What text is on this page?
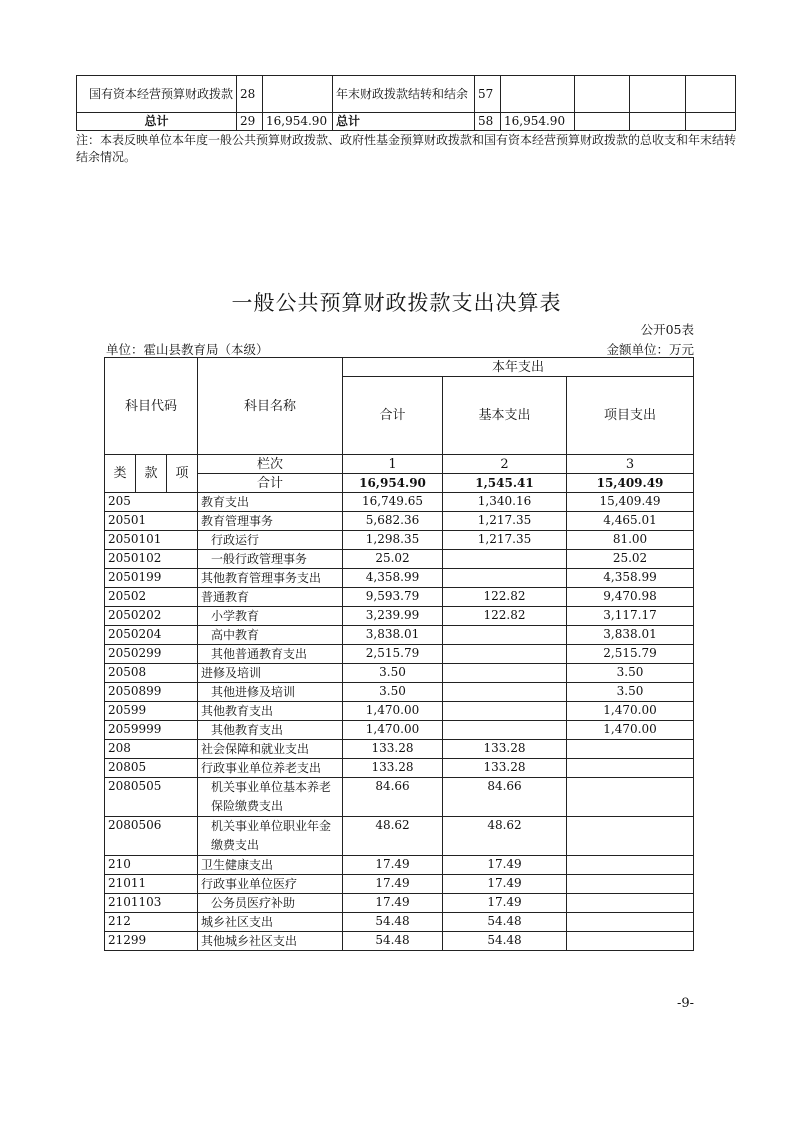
国有资本经营预算财政拨款	28		年末财政拨款结转和结余	57				
总计	29	16,954.90	总计	58	16,954.90			
注：本表反映单位本年度一般公共预算财政拨款、政府性基金预算财政拨款和国有资本经营预算财政拨款的总收支和年末结转结余情况。
一般公共预算财政拨款支出决算表
公开05表
单位：霍山县教育局（本级）	金额单位：万元
科目代码			科目名称	本年支出		
				合计	基本支出	项目支出
类	款	项	栏次	1	2	3
			合计	16,954.90	1,545.41	15,409.49
205			教育支出	16,749.65	1,340.16	15,409.49
20501			教育管理事务	5,682.36	1,217.35	4,465.01
2050101			行政运行	1,298.35	1,217.35	81.00
2050102			一般行政管理事务	25.02		25.02
2050199			其他教育管理事务支出	4,358.99		4,358.99
20502			普通教育	9,593.79	122.82	9,470.98
2050202			小学教育	3,239.99	122.82	3,117.17
2050204			高中教育	3,838.01		3,838.01
2050299			其他普通教育支出	2,515.79		2,515.79
20508			进修及培训	3.50		3.50
2050899			其他进修及培训	3.50		3.50
20599			其他教育支出	1,470.00		1,470.00
2059999			其他教育支出	1,470.00		1,470.00
208			社会保障和就业支出	133.28	133.28	
20805			行政事业单位养老支出	133.28	133.28	
2080505			机关事业单位基本养老保险缴费支出	84.66	84.66	
2080506			机关事业单位职业年金缴费支出	48.62	48.62	
210			卫生健康支出	17.49	17.49	
21011			行政事业单位医疗	17.49	17.49	
2101103			公务员医疗补助	17.49	17.49	
212			城乡社区支出	54.48	54.48	
21299			其他城乡社区支出	54.48	54.48	
-9-
